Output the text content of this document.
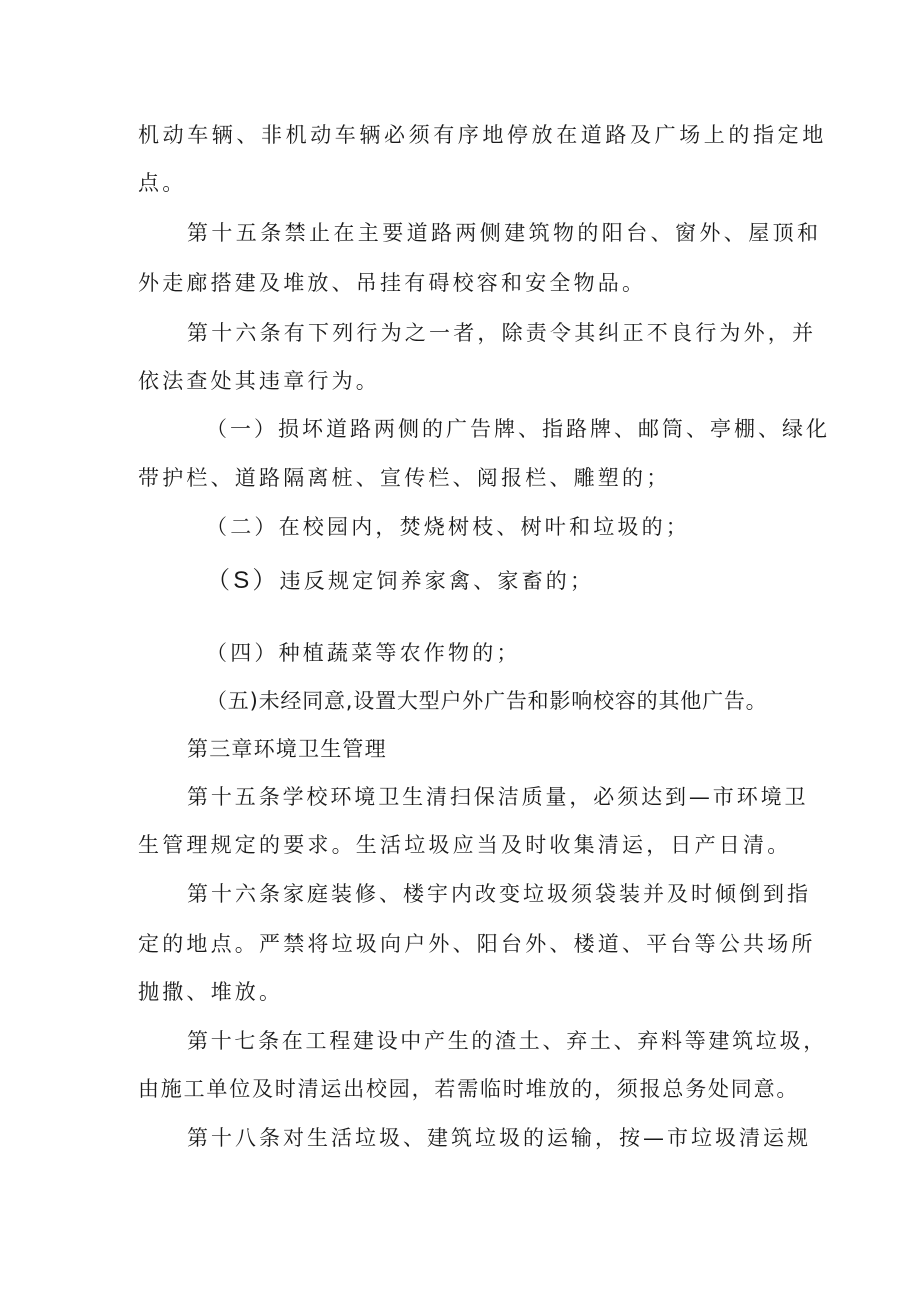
机动车辆、非机动车辆必须有序地停放在道路及广场上的指定地
点。
第十五条禁止在主要道路两侧建筑物的阳台、窗外、屋顶和
外走廊搭建及堆放、吊挂有碍校容和安全物品。
第十六条有下列行为之一者，除责令其纠正不良行为外，并
依法查处其违章行为。
（一）损坏道路两侧的广告牌、指路牌、邮筒、亭棚、绿化
带护栏、道路隔离桩、宣传栏、阅报栏、雕塑的；
（二）在校园内，焚烧树枝、树叶和垃圾的；
（S）违反规定饲养家禽、家畜的；
（四）种植蔬菜等农作物的；
（五)未经同意,设置大型户外广告和影响校容的其他广告。
第三章环境卫生管理
第十五条学校环境卫生清扫保洁质量，必须达到—市环境卫
生管理规定的要求。生活垃圾应当及时收集清运，日产日清。
第十六条家庭装修、楼宇内改变垃圾须袋装并及时倾倒到指
定的地点。严禁将垃圾向户外、阳台外、楼道、平台等公共场所
抛撒、堆放。
第十七条在工程建设中产生的渣土、弃土、弃料等建筑垃圾，
由施工单位及时清运出校园，若需临时堆放的，须报总务处同意。
第十八条对生活垃圾、建筑垃圾的运输，按—市垃圾清运规
